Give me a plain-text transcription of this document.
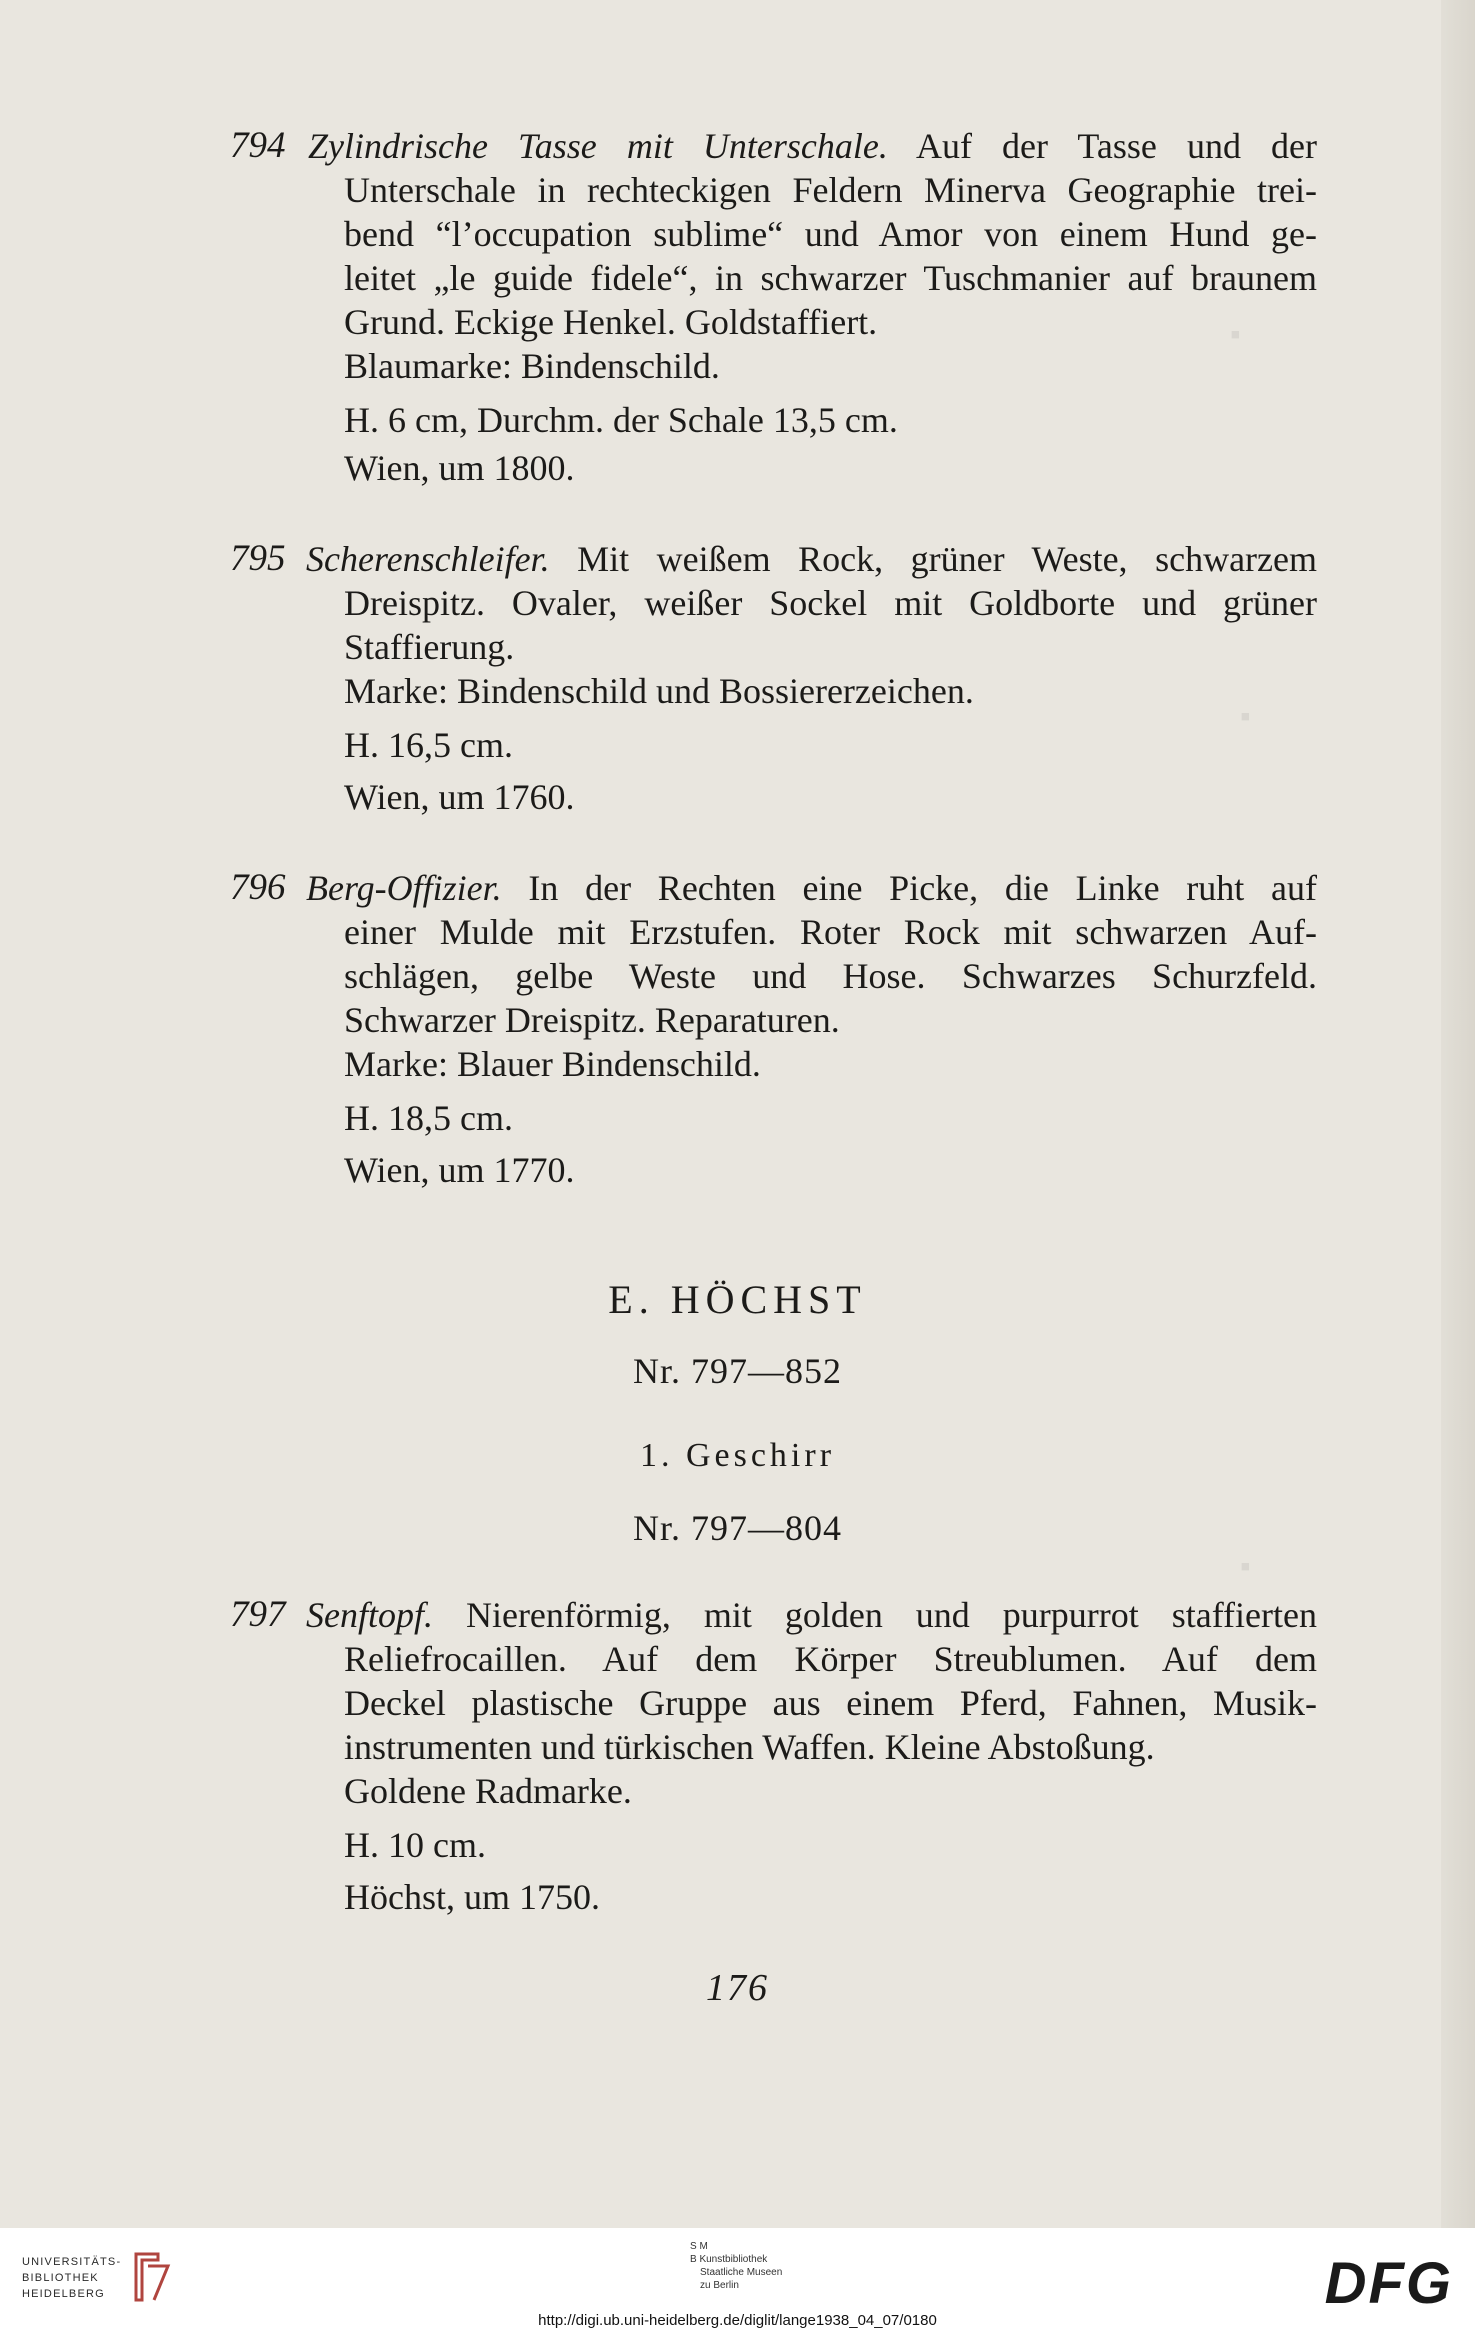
▪
▪
▪
794 Zylindrische Tasse mit Unterschale. Auf der Tasse und der
Unterschale in rechteckigen Feldern Minerva Geographie trei-
bend “l’occupation sublime“ und Amor von einem Hund ge-
leitet „le guide fidele“, in schwarzer Tuschmanier auf braunem
Grund. Eckige Henkel. Goldstaffiert.
Blaumarke: Bindenschild.
H. 6 cm, Durchm. der Schale 13,5 cm.
Wien, um 1800.
795 Scherenschleifer. Mit weißem Rock, grüner Weste, schwarzem
Dreispitz. Ovaler, weißer Sockel mit Goldborte und grüner
Staffierung.
Marke: Bindenschild und Bossiererzeichen.
H. 16,5 cm.
Wien, um 1760.
796 Berg-Offizier. In der Rechten eine Picke, die Linke ruht auf
einer Mulde mit Erzstufen. Roter Rock mit schwarzen Auf-
schlägen, gelbe Weste und Hose. Schwarzes Schurzfeld.
Schwarzer Dreispitz. Reparaturen.
Marke: Blauer Bindenschild.
H. 18,5 cm.
Wien, um 1770.
E. HÖCHST
Nr. 797—852
1. Geschirr
Nr. 797—804
797 Senftopf. Nierenförmig, mit golden und purpurrot staffierten
Reliefrocaillen. Auf dem Körper Streublumen. Auf dem
Deckel plastische Gruppe aus einem Pferd, Fahnen, Musik-
instrumenten und türkischen Waffen. Kleine Abstoßung.
Goldene Radmarke.
H. 10 cm.
Höchst, um 1750.
176
UNIVERSITÄTS-
BIBLIOTHEK
HEIDELBERG
S M
B Kunstbibliothek
Staatliche Museen
zu Berlin	DFG
http://digi.ub.uni-heidelberg.de/diglit/lange1938_04_07/0180
